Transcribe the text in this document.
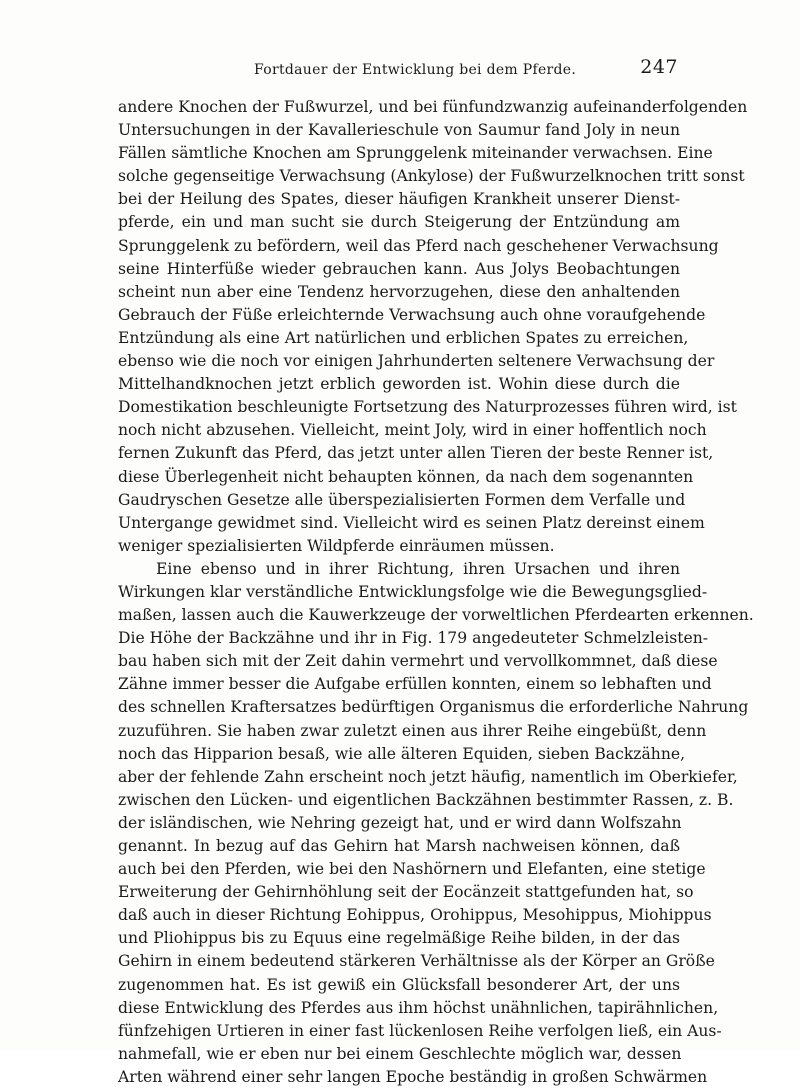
Fortdauer der Entwicklung bei dem Pferde.	247
andere Knochen der Fußwurzel, und bei fünfundzwanzig aufeinanderfolgenden
Untersuchungen in der Kavallerieschule von Saumur fand Joly in neun
Fällen sämtliche Knochen am Sprunggelenk miteinander verwachsen. Eine
solche gegenseitige Verwachsung (Ankylose) der Fußwurzelknochen tritt sonst
bei der Heilung des Spates, dieser häufigen Krankheit unserer Dienst-
pferde, ein und man sucht sie durch Steigerung der Entzündung am
Sprunggelenk zu befördern, weil das Pferd nach geschehener Verwachsung
seine Hinterfüße wieder gebrauchen kann. Aus Jolys Beobachtungen
scheint nun aber eine Tendenz hervorzugehen, diese den anhaltenden
Gebrauch der Füße erleichternde Verwachsung auch ohne voraufgehende
Entzündung als eine Art natürlichen und erblichen Spates zu erreichen,
ebenso wie die noch vor einigen Jahrhunderten seltenere Verwachsung der
Mittelhandknochen jetzt erblich geworden ist. Wohin diese durch die
Domestikation beschleunigte Fortsetzung des Naturprozesses führen wird, ist
noch nicht abzusehen. Vielleicht, meint Joly, wird in einer hoffentlich noch
fernen Zukunft das Pferd, das jetzt unter allen Tieren der beste Renner ist,
diese Überlegenheit nicht behaupten können, da nach dem sogenannten
Gaudryschen Gesetze alle überspezialisierten Formen dem Verfalle und
Untergange gewidmet sind. Vielleicht wird es seinen Platz dereinst einem
weniger spezialisierten Wildpferde einräumen müssen.
Eine ebenso und in ihrer Richtung, ihren Ursachen und ihren
Wirkungen klar verständliche Entwicklungsfolge wie die Bewegungsglied-
maßen, lassen auch die Kauwerkzeuge der vorweltlichen Pferdearten erkennen.
Die Höhe der Backzähne und ihr in Fig. 179 angedeuteter Schmelzleisten-
bau haben sich mit der Zeit dahin vermehrt und vervollkommnet, daß diese
Zähne immer besser die Aufgabe erfüllen konnten, einem so lebhaften und
des schnellen Kraftersatzes bedürftigen Organismus die erforderliche Nahrung
zuzuführen. Sie haben zwar zuletzt einen aus ihrer Reihe eingebüßt, denn
noch das Hipparion besaß, wie alle älteren Equiden, sieben Backzähne,
aber der fehlende Zahn erscheint noch jetzt häufig, namentlich im Oberkiefer,
zwischen den Lücken- und eigentlichen Backzähnen bestimmter Rassen, z. B.
der isländischen, wie Nehring gezeigt hat, und er wird dann Wolfszahn
genannt. In bezug auf das Gehirn hat Marsh nachweisen können, daß
auch bei den Pferden, wie bei den Nashörnern und Elefanten, eine stetige
Erweiterung der Gehirnhöhlung seit der Eocänzeit stattgefunden hat, so
daß auch in dieser Richtung Eohippus, Orohippus, Mesohippus, Miohippus
und Pliohippus bis zu Equus eine regelmäßige Reihe bilden, in der das
Gehirn in einem bedeutend stärkeren Verhältnisse als der Körper an Größe
zugenommen hat. Es ist gewiß ein Glücksfall besonderer Art, der uns
diese Entwicklung des Pferdes aus ihm höchst unähnlichen, tapirähnlichen,
fünfzehigen Urtieren in einer fast lückenlosen Reihe verfolgen ließ, ein Aus-
nahmefall, wie er eben nur bei einem Geschlechte möglich war, dessen
Arten während einer sehr langen Epoche beständig in großen Schwärmen
